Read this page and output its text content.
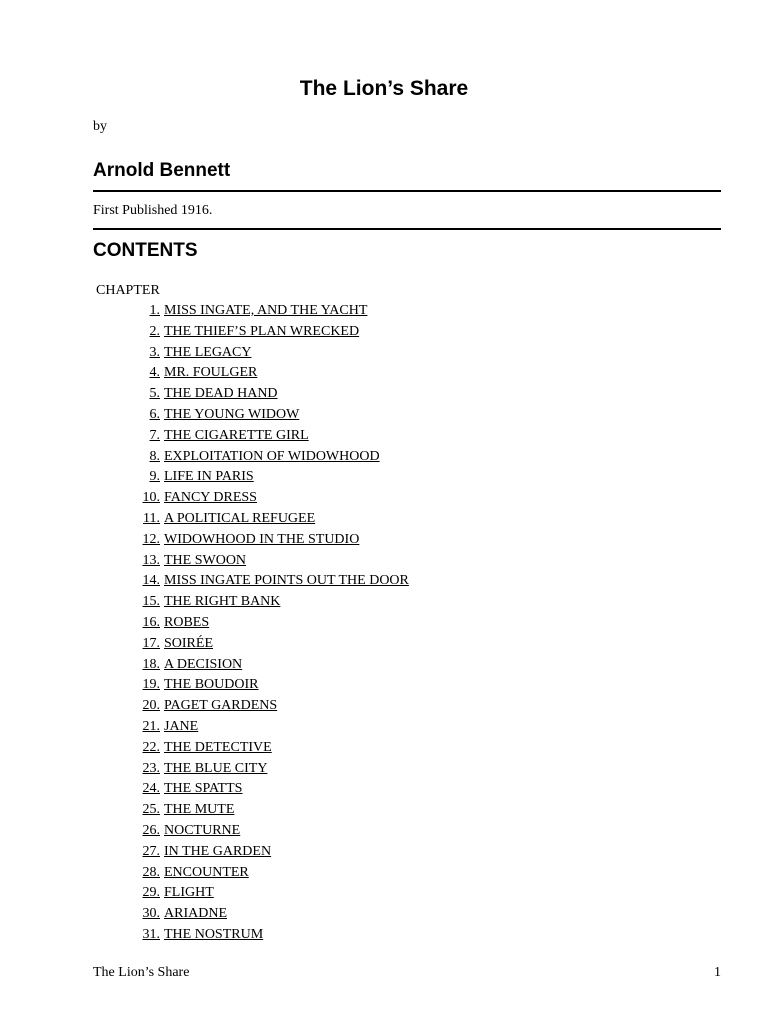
The Lion’s Share
by
Arnold Bennett
First Published 1916.
CONTENTS
CHAPTER
1. MISS INGATE, AND THE YACHT
2. THE THIEF’S PLAN WRECKED
3. THE LEGACY
4. MR. FOULGER
5. THE DEAD HAND
6. THE YOUNG WIDOW
7. THE CIGARETTE GIRL
8. EXPLOITATION OF WIDOWHOOD
9. LIFE IN PARIS
10. FANCY DRESS
11. A POLITICAL REFUGEE
12. WIDOWHOOD IN THE STUDIO
13. THE SWOON
14. MISS INGATE POINTS OUT THE DOOR
15. THE RIGHT BANK
16. ROBES
17. SOIRÉE
18. A DECISION
19. THE BOUDOIR
20. PAGET GARDENS
21. JANE
22. THE DETECTIVE
23. THE BLUE CITY
24. THE SPATTS
25. THE MUTE
26. NOCTURNE
27. IN THE GARDEN
28. ENCOUNTER
29. FLIGHT
30. ARIADNE
31. THE NOSTRUM
The Lion’s Share	1
